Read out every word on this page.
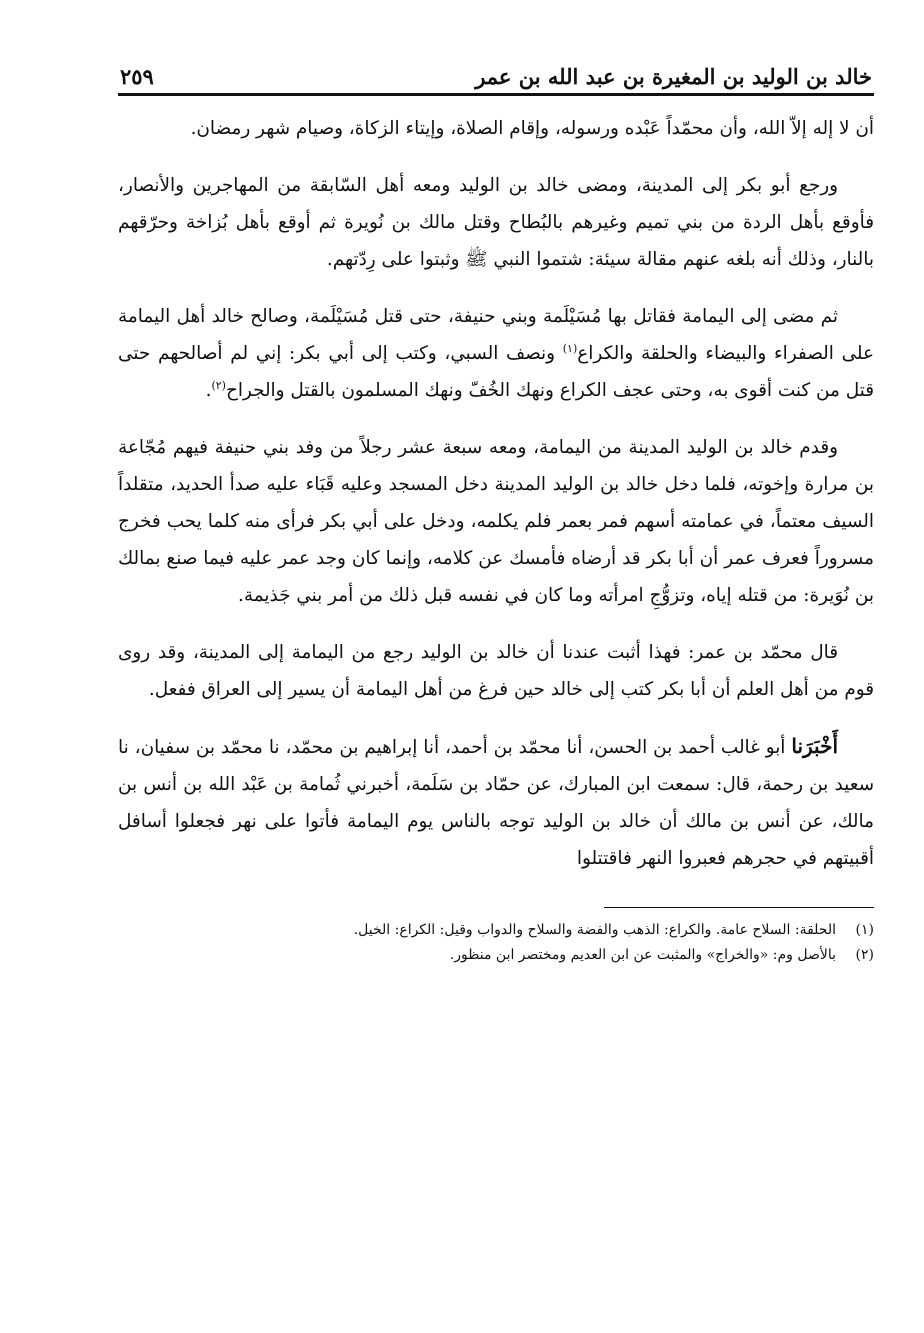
خالد بن الوليد بن المغيرة بن عبد الله بن عمر
٢٥٩

أن لا إله إلاّ الله، وأن محمّداً عَبْده ورسوله، وإقام الصلاة، وإيتاء الزكاة، وصيام شهر رمضان.

ورجع أبو بكر إلى المدينة، ومضى خالد بن الوليد ومعه أهل السّابقة من المهاجرين والأنصار، فأوقع بأهل الردة من بني تميم وغيرهم بالبُطاح وقتل مالك بن نُويرة ثم أوقع بأهل بُزاخة وحرّقهم بالنار، وذلك أنه بلغه عنهم مقالة سيئة: شتموا النبي ﷺ وثبتوا على رِدّتهم.

ثم مضى إلى اليمامة فقاتل بها مُسَيْلَمة وبني حنيفة، حتى قتل مُسَيْلَمة، وصالح خالد أهل اليمامة على الصفراء والبيضاء والحلقة والكراع$^{(١)}$ ونصف السبي، وكتب إلى أبي بكر: إني لم أصالحهم حتى قتل من كنت أقوى به، وحتى عجف الكراع ونهك الخُفّ ونهك المسلمون بالقتل والجراح$^{(٢)}$.

وقدم خالد بن الوليد المدينة من اليمامة، ومعه سبعة عشر رجلاً من وفد بني حنيفة فيهم مُجّاعة بن مرارة وإخوته، فلما دخل خالد بن الوليد المدينة دخل المسجد وعليه قَبَاء عليه صدأ الحديد، متقلداً السيف معتماً، في عمامته أسهم فمر بعمر فلم يكلمه، ودخل على أبي بكر فرأى منه كلما يحب فخرج مسروراً فعرف عمر أن أبا بكر قد أرضاه فأمسك عن كلامه، وإنما كان وجد عمر عليه فيما صنع بمالك بن نُوَيرة: من قتله إياه، وتزوُّجِ امرأته وما كان في نفسه قبل ذلك من أمر بني جَذيمة.

قال محمّد بن عمر: فهذا أثبت عندنا أن خالد بن الوليد رجع من اليمامة إلى المدينة، وقد روى قوم من أهل العلم أن أبا بكر كتب إلى خالد حين فرغ من أهل اليمامة أن يسير إلى العراق ففعل.

أَخْبَرَنا أبو غالب أحمد بن الحسن، أنا محمّد بن أحمد، أنا إبراهيم بن محمّد، نا محمّد بن سفيان، نا سعيد بن رحمة، قال: سمعت ابن المبارك، عن حمّاد بن سَلَمة، أخبرني ثُمامة بن عَبْد الله بن أنس بن مالك، عن أنس بن مالك أن خالد بن الوليد توجه بالناس يوم اليمامة فأتوا على نهر فجعلوا أسافل أقبيتهم في حجرهم فعبروا النهر فاقتتلوا

(١)
الحلقة: السلاح عامة. والكراع: الذهب والفضة والسلاح والدواب وقيل: الكراع: الخيل.

(٢)
بالأصل وم: «والخراج» والمثبت عن ابن العديم ومختصر ابن منظور.
